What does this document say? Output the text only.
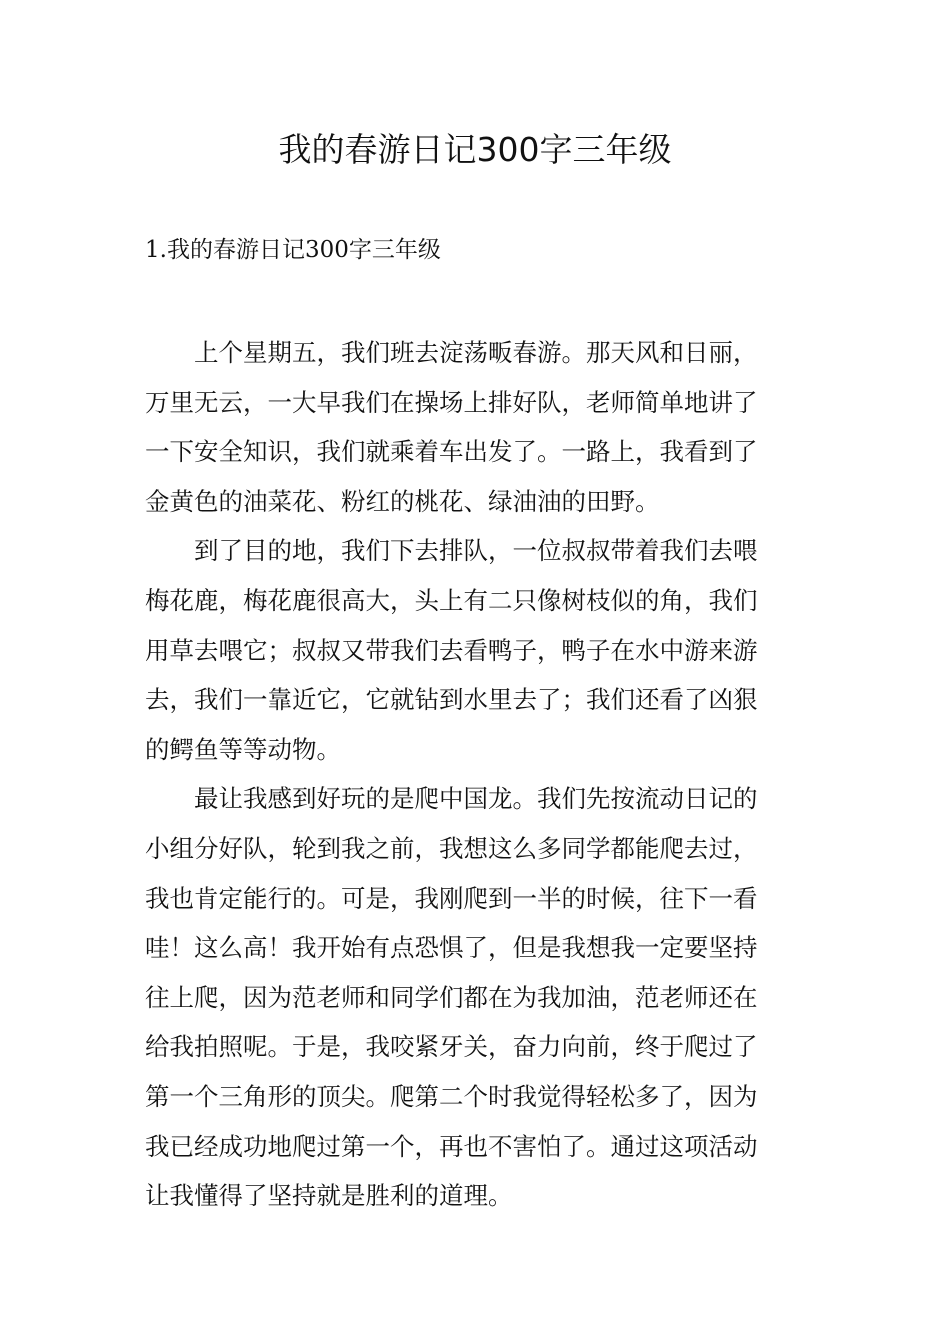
我的春游日记300字三年级

1.我的春游日记300字三年级

上个星期五，我们班去淀荡畈春游。那天风和日丽，
万里无云，一大早我们在操场上排好队，老师简单地讲了
一下安全知识，我们就乘着车出发了。一路上，我看到了
金黄色的油菜花、粉红的桃花、绿油油的田野。

到了目的地，我们下去排队，一位叔叔带着我们去喂
梅花鹿，梅花鹿很高大，头上有二只像树枝似的角，我们
用草去喂它；叔叔又带我们去看鸭子，鸭子在水中游来游
去，我们一靠近它，它就钻到水里去了；我们还看了凶狠
的鳄鱼等等动物。

最让我感到好玩的是爬中国龙。我们先按流动日记的
小组分好队，轮到我之前，我想这么多同学都能爬去过，
我也肯定能行的。可是，我刚爬到一半的时候，往下一看
哇！这么高！我开始有点恐惧了，但是我想我一定要坚持
往上爬，因为范老师和同学们都在为我加油，范老师还在
给我拍照呢。于是，我咬紧牙关，奋力向前，终于爬过了
第一个三角形的顶尖。爬第二个时我觉得轻松多了，因为
我已经成功地爬过第一个，再也不害怕了。通过这项活动
让我懂得了坚持就是胜利的道理。
